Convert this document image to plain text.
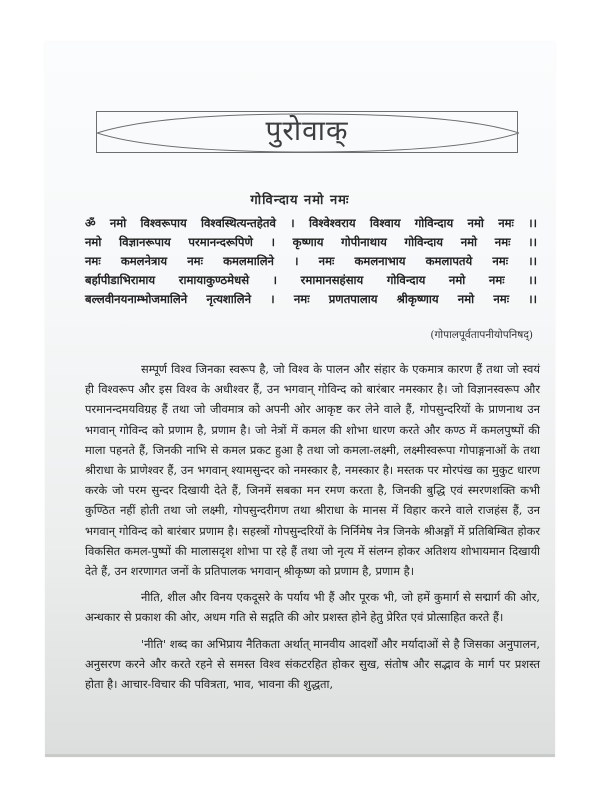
पुरोवाक्
गोविन्दाय नमो नमः
ॐ नमो विश्वरूपाय विश्वस्थित्यन्तहेतवे । विश्वेश्वराय विश्वाय गोविन्दाय नमो नमः ।।
नमो विज्ञानरूपाय परमानन्दरूपिणे । कृष्णाय गोपीनाथाय गोविन्दाय नमो नमः ।।
नमः कमलनेत्राय नमः कमलमालिने । नमः कमलनाभाय कमलापतये नमः ।।
बर्हापीडाभिरामाय रामायाकुण्ठमेधसे । रमामानसहंसाय गोविन्दाय नमो नमः ।।
बल्लवीनयनाम्भोजमालिने नृत्यशालिने । नमः प्रणतपालाय श्रीकृष्णाय नमो नमः ।।
(गोपालपूर्वतापनीयोपनिषद्)

सम्पूर्ण विश्व जिनका स्वरूप है, जो विश्व के पालन और संहार के एकमात्र कारण हैं तथा जो स्वयं ही विश्वरूप और इस विश्व के अधीश्वर हैं, उन भगवान् गोविन्द को बारंबार नमस्कार है। जो विज्ञानस्वरूप और परमानन्दमयविग्रह हैं तथा जो जीवमात्र को अपनी ओर आकृष्ट कर लेने वाले हैं, गोपसुन्दरियों के प्राणनाथ उन भगवान् गोविन्द को प्रणाम है, प्रणाम है। जो नेत्रों में कमल की शोभा धारण करते और कण्ठ में कमलपुष्पों की माला पहनते हैं, जिनकी नाभि से कमल प्रकट हुआ है तथा जो कमला-लक्ष्मी, लक्ष्मीस्वरूपा गोपाङ्गनाओं के तथा श्रीराधा के प्राणेश्वर हैं, उन भगवान् श्यामसुन्दर को नमस्कार है, नमस्कार है। मस्तक पर मोरपंख का मुकुट धारण करके जो परम सुन्दर दिखायी देते हैं, जिनमें सबका मन रमण करता है, जिनकी बुद्धि एवं स्मरणशक्ति कभी कुण्ठित नहीं होती तथा जो लक्ष्मी, गोपसुन्दरीगण तथा श्रीराधा के मानस में विहार करने वाले राजहंस हैं, उन भगवान् गोविन्द को बारंबार प्रणाम है। सहस्त्रों गोपसुन्दरियों के निर्निमेष नेत्र जिनके श्रीअङ्गों में प्रतिबिम्बित होकर विकसित कमल-पुष्पों की मालासदृश शोभा पा रहे हैं तथा जो नृत्य में संलग्न होकर अतिशय शोभायमान दिखायी देते हैं, उन शरणागत जनों के प्रतिपालक भगवान् श्रीकृष्ण को प्रणाम है, प्रणाम है।

नीति, शील और विनय एकदूसरे के पर्याय भी हैं और पूरक भी, जो हमें कुमार्ग से सद्मार्ग की ओर, अन्धकार से प्रकाश की ओर, अधम गति से सद्गति की ओर प्रशस्त होने हेतु प्रेरित एवं प्रोत्साहित करते हैं।

'नीति' शब्द का अभिप्राय नैतिकता अर्थात् मानवीय आदर्शों और मर्यादाओं से है जिसका अनुपालन, अनुसरण करने और करते रहने से समस्त विश्व संकटरहित होकर सुख, संतोष और सद्भाव के मार्ग पर प्रशस्त होता है। आचार-विचार की पवित्रता, भाव, भावना की शुद्धता,
